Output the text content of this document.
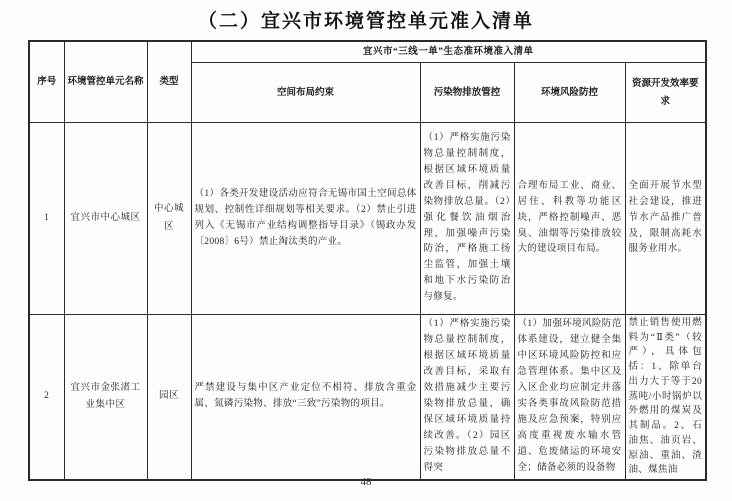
（二）宜兴市环境管控单元准入清单
序号	环境管控单元名称	类型	宜兴市“三线一单”生态准环境准入清单			
			空间布局约束	污染物排放管控	环境风险防控	资源开发效率要求
1	宜兴市中心城区	中心城区	（1）各类开发建设活动应符合无锡市国土空间总体规划、控制性详细规划等相关要求。（2）禁止引进列入《无锡市产业结构调整指导目录》（锡政办发〔2008〕6号）禁止淘汰类的产业。	（1）严格实施污染物总量控制制度，根据区域环境质量改善目标，削减污染物排放总量。（2）强化餐饮油烟治理，加强噪声污染防治，严格施工扬尘监管，加强土壤和地下水污染防治与修复。	合理布局工业、商业、居住、科教等功能区块，严格控制噪声、恶臭、油烟等污染排放较大的建设项目布局。	全面开展节水型社会建设，推进节水产品推广普及，限制高耗水服务业用水。
2	宜兴市金张渚工业集中区	园区	严禁建设与集中区产业定位不相符、排放含重金属、氮磷污染物、排放“三致”污染物的项目。	（1）严格实施污染物总量控制制度，根据区域环境质量改善目标，采取有效措施减少主要污染物排放总量，确保区域环境质量持续改善。（2）园区污染物排放总量不得突	（1）加强环境风险防范体系建设，建立健全集中区环境风险防控和应急管理体系。集中区及入区企业均应制定并落实各类事故风险防范措施及应急预案，特别应高度重视废水输水管道、危废储运的环境安全；储备必须的设备物	禁止销售使用燃料为“Ⅱ类”（较严），具体包括：1、除单台出力大于等于20蒸吨/小时锅炉以外燃用的煤炭及其制品。2、石油焦、油页岩、原油、重油、渣油、煤焦油
48
